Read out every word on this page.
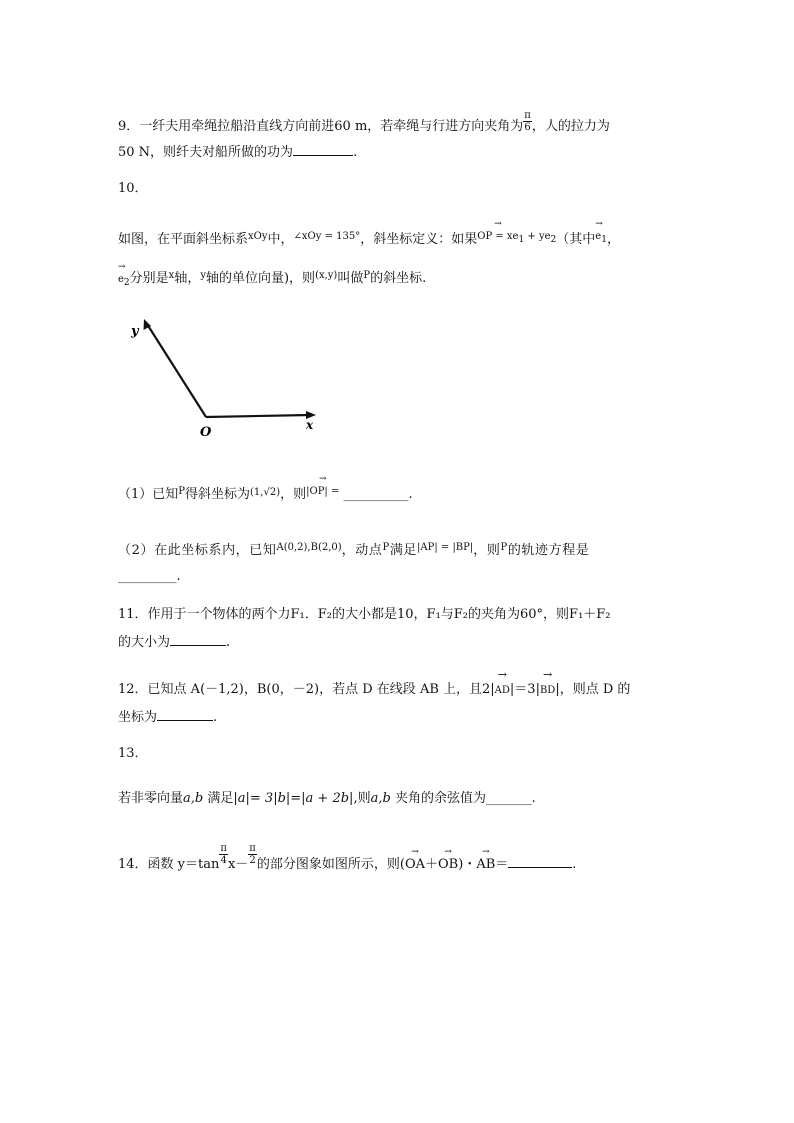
9．一纤夫用牵绳拉船沿直线方向前进60 m，若牵绳与行进方向夹角为 $\frac{\pi}{6}$ ，人的拉力为
50 N，则纤夫对船所做的功为	.
10．
如图，在平面斜坐标系$^{xOy}$中，$^{\angle xOy = 135^\circ}$，斜坐标定义：如果
$^{\to OP = xe1 + ye2}$（其中
$^{\to e1}$，
→
e2分别是$^x$轴，$^y$轴的单位向量)，则$^{(x,y)}$叫做$^P$的斜坐标.
y
x
O
（1）已知$^P$得斜坐标为$^{(1,√2)}$，则
$^{\to |OP| =}$ __________.
（2）在此坐标系内，已知$^{A(0,2),B(2,0)}$，动点$^P$满足$^{|AP| = |BP|}$，则$^P$的轨迹方程是
_________.
11．作用于一个物体的两个力F₁．F₂的大小都是10，F₁与F₂的夹角为60°，则F₁＋F₂
的大小为	.
12．已知点 A(－1,2)，B(0，－2)，若点 D 在线段 AB 上，且2|
→
AD|＝3|
→
BD|，则点 D 的
坐标为	.
13．
若非零向量a,b 满足|a|= 3|b|=|a + 2b|,则a,b 夹角的余弦值为_______.
14．函数 $y=\tan \frac{\pi}{4} x- \frac{\pi}{2}$ 的部分图象如图所示，则(
→
OA＋
→
OB)・
→
AB＝	.
